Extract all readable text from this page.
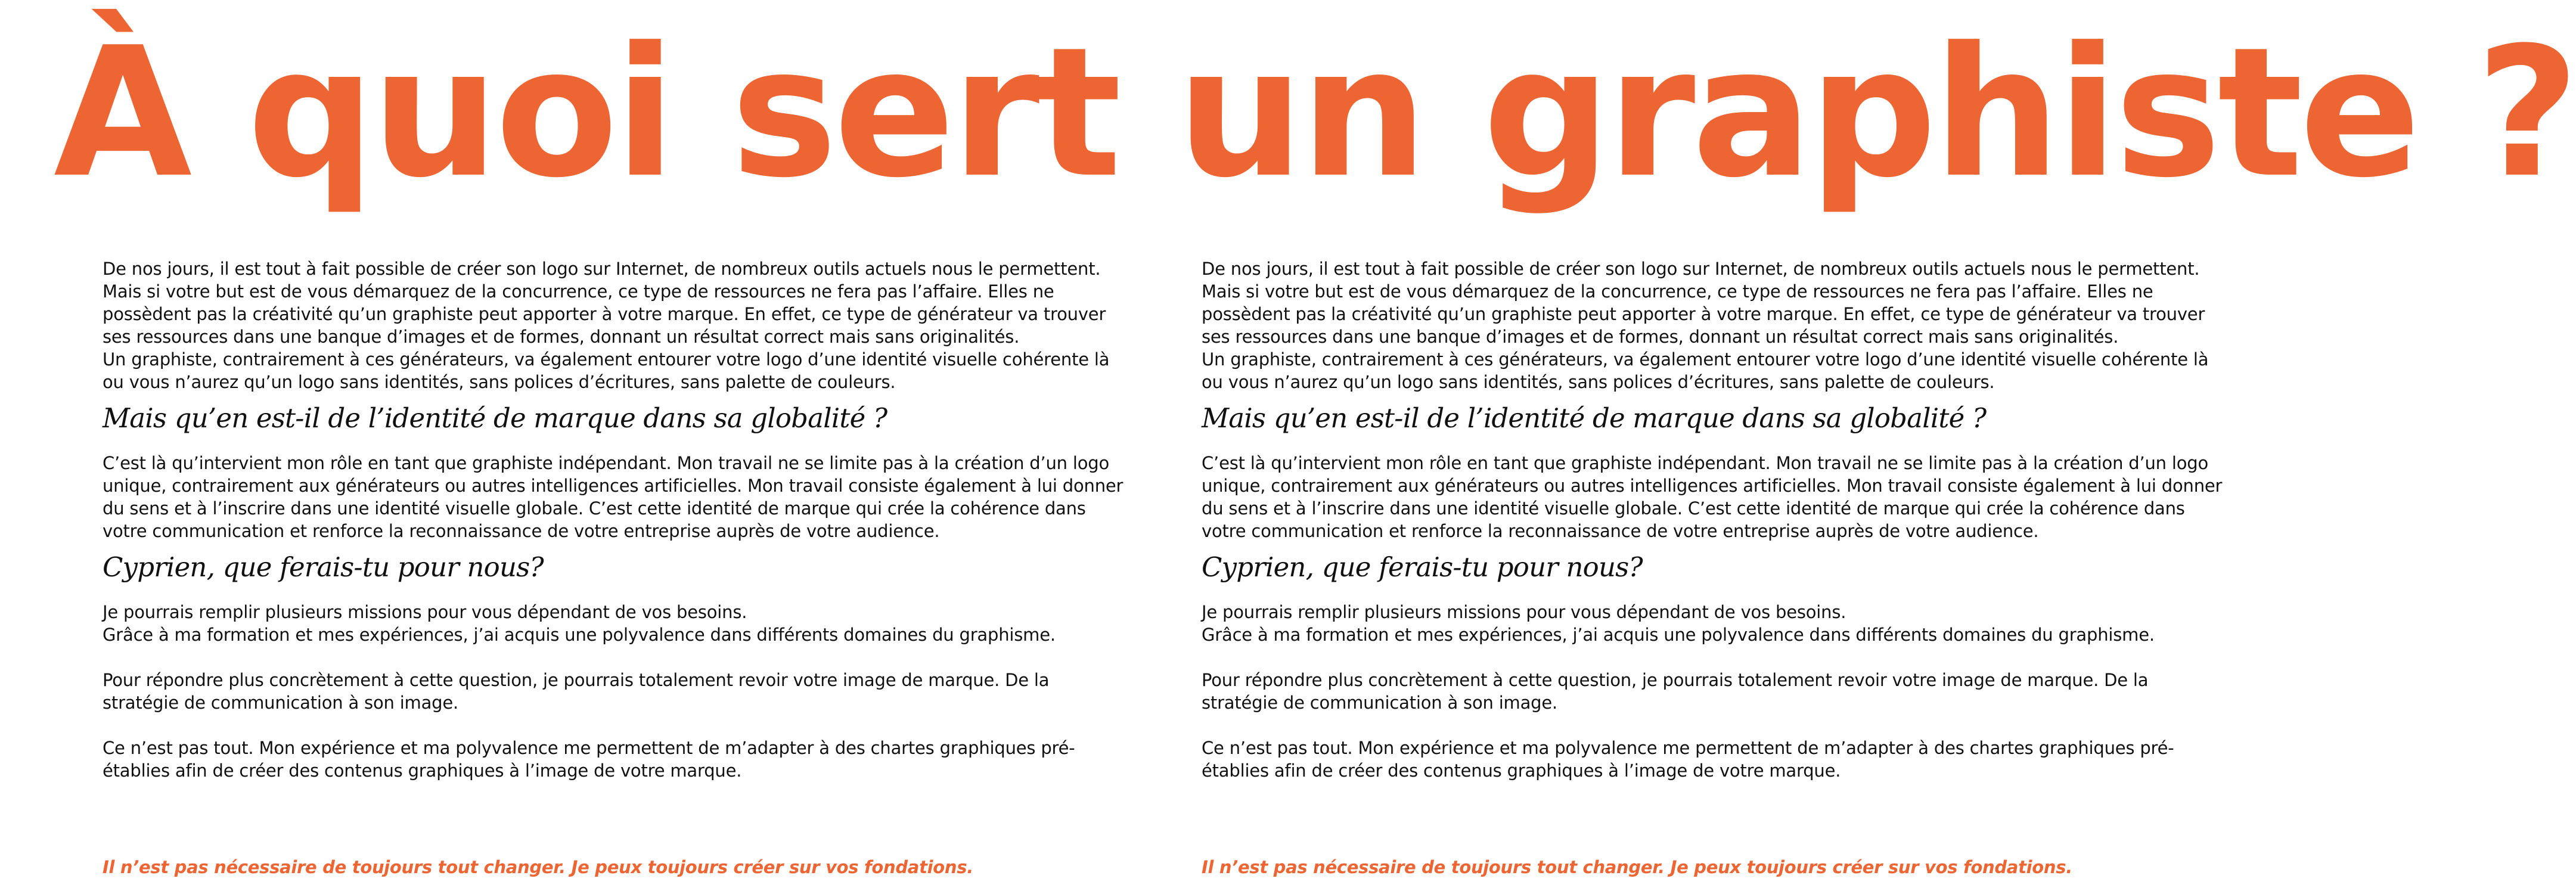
À quoi sert un graphiste ?

De nos jours, il est tout à fait possible de créer son logo sur Internet, de nombreux outils actuels nous le permettent. Mais si votre but est de vous démarquez de la concurrence, ce type de ressources ne fera pas l’affaire. Elles ne possèdent pas la créativité qu’un graphiste peut apporter à votre marque. En effet, ce type de générateur va trouver ses ressources dans une banque d’images et de formes, donnant un résultat correct mais sans originalités.

Un graphiste, contrairement à ces générateurs, va également entourer votre logo d’une identité visuelle cohérente là ou vous n’aurez qu’un logo sans identités, sans polices d’écritures, sans palette de couleurs.

Mais qu’en est-il de l’identité de marque dans sa globalité ?

C’est là qu’intervient mon rôle en tant que graphiste indépendant. Mon travail ne se limite pas à la création d’un logo unique, contrairement aux générateurs ou autres intelligences artificielles. Mon travail consiste également à lui donner du sens et à l’inscrire dans une identité visuelle globale. C’est cette identité de marque qui crée la cohérence dans votre communication et renforce la reconnaissance de votre entreprise auprès de votre audience.

Cyprien, que ferais-tu pour nous?

Je pourrais remplir plusieurs missions pour vous dépendant de vos besoins.

Grâce à ma formation et mes expériences, j’ai acquis une polyvalence dans différents domaines du graphisme.

Pour répondre plus concrètement à cette question, je pourrais totalement revoir votre image de marque. De la stratégie de communication à son image.

Ce n’est pas tout. Mon expérience et ma polyvalence me permettent de m’adapter à des chartes graphiques pré-établies afin de créer des contenus graphiques à l’image de votre marque.

De nos jours, il est tout à fait possible de créer son logo sur Internet, de nombreux outils actuels nous le permettent. Mais si votre but est de vous démarquez de la concurrence, ce type de ressources ne fera pas l’affaire. Elles ne possèdent pas la créativité qu’un graphiste peut apporter à votre marque. En effet, ce type de générateur va trouver ses ressources dans une banque d’images et de formes, donnant un résultat correct mais sans originalités.

Un graphiste, contrairement à ces générateurs, va également entourer votre logo d’une identité visuelle cohérente là ou vous n’aurez qu’un logo sans identités, sans polices d’écritures, sans palette de couleurs.

Mais qu’en est-il de l’identité de marque dans sa globalité ?

C’est là qu’intervient mon rôle en tant que graphiste indépendant. Mon travail ne se limite pas à la création d’un logo unique, contrairement aux générateurs ou autres intelligences artificielles. Mon travail consiste également à lui donner du sens et à l’inscrire dans une identité visuelle globale. C’est cette identité de marque qui crée la cohérence dans votre communication et renforce la reconnaissance de votre entreprise auprès de votre audience.

Cyprien, que ferais-tu pour nous?

Je pourrais remplir plusieurs missions pour vous dépendant de vos besoins.

Grâce à ma formation et mes expériences, j’ai acquis une polyvalence dans différents domaines du graphisme.

Pour répondre plus concrètement à cette question, je pourrais totalement revoir votre image de marque. De la stratégie de communication à son image.

Ce n’est pas tout. Mon expérience et ma polyvalence me permettent de m’adapter à des chartes graphiques pré-établies afin de créer des contenus graphiques à l’image de votre marque.

Il n’est pas nécessaire de toujours tout changer. Je peux toujours créer sur vos fondations.	Il n’est pas nécessaire de toujours tout changer. Je peux toujours créer sur vos fondations.
